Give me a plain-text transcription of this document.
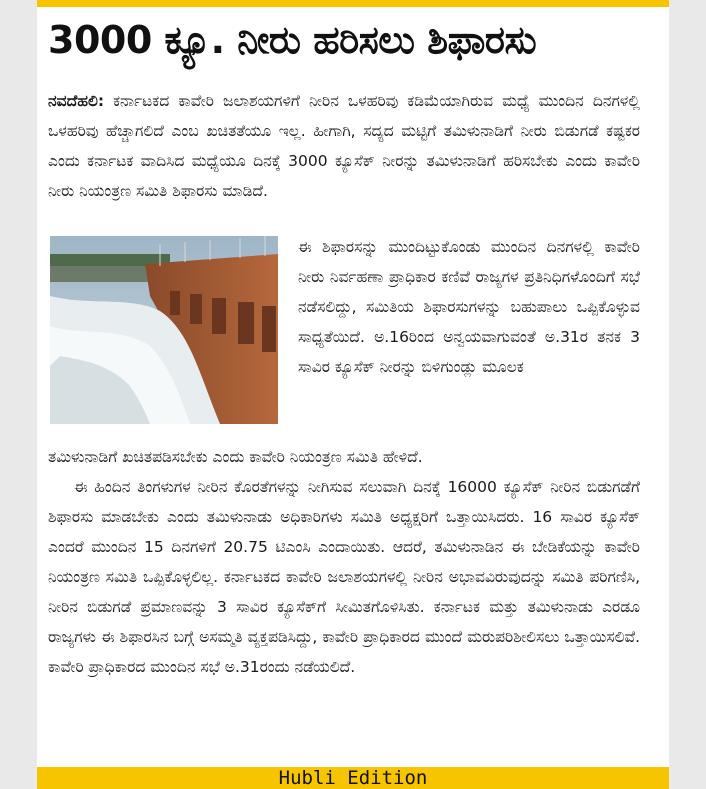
3000 ಕ್ಯೂ. ನೀರು ಹರಿಸಲು ಶಿಫಾರಸು
ನವದೆಹಲಿ: ಕರ್ನಾಟಕದ ಕಾವೇರಿ ಜಲಾಶಯಗಳಿಗೆ ನೀರಿನ ಒಳಹರಿವು ಕಡಿಮೆಯಾಗಿರುವ ಮಧ್ಯೆ ಮುಂದಿನ ದಿನಗಳಲ್ಲಿ ಒಳಹರಿವು ಹೆಚ್ಚಾಗಲಿದೆ ಎಂಬ ಖಚಿತತೆಯೂ ಇಲ್ಲ. ಹೀಗಾಗಿ, ಸದ್ಯದ ಮಟ್ಟಿಗೆ ತಮಿಳುನಾಡಿಗೆ ನೀರು ಬಿಡುಗಡೆ ಕಷ್ಟಕರ ಎಂದು ಕರ್ನಾಟಕ ವಾದಿಸಿದ ಮಧ್ಯೆಯೂ ದಿನಕ್ಕೆ 3000 ಕ್ಯೂಸೆಕ್ ನೀರನ್ನು ತಮಿಳುನಾಡಿಗೆ ಹರಿಸಬೇಕು ಎಂದು ಕಾವೇರಿ ನೀರು ನಿಯಂತ್ರಣ ಸಮಿತಿ ಶಿಫಾರಸು ಮಾಡಿದೆ.
ಈ ಶಿಫಾರಸನ್ನು ಮುಂದಿಟ್ಟುಕೊಂಡು ಮುಂದಿನ ದಿನಗಳಲ್ಲಿ ಕಾವೇರಿ ನೀರು ನಿರ್ವಹಣಾ ಪ್ರಾಧಿಕಾರ ಕಣಿವೆ ರಾಜ್ಯಗಳ ಪ್ರತಿನಿಧಿಗಳೊಂದಿಗೆ ಸಭೆ ನಡೆಸಲಿದ್ದು, ಸಮಿತಿಯ ಶಿಫಾರಸುಗಳನ್ನು ಬಹುಪಾಲು ಒಪ್ಪಿಕೊಳ್ಳುವ ಸಾಧ್ಯತೆಯಿದೆ. ಅ.16ರಿಂದ ಅನ್ವಯವಾಗುವಂತೆ ಅ.31ರ ತನಕ 3 ಸಾವಿರ ಕ್ಯೂಸೆಕ್ ನೀರನ್ನು ಬಿಳಿಗುಂಡ್ಲು ಮೂಲಕ
ತಮಿಳುನಾಡಿಗೆ ಖಚಿತಪಡಿಸಬೇಕು ಎಂದು ಕಾವೇರಿ ನಿಯಂತ್ರಣ ಸಮಿತಿ ಹೇಳಿದೆ.
ಈ ಹಿಂದಿನ ತಿಂಗಳುಗಳ ನೀರಿನ ಕೊರತೆಗಳನ್ನು ನೀಗಿಸುವ ಸಲುವಾಗಿ ದಿನಕ್ಕೆ 16000 ಕ್ಯೂಸೆಕ್ ನೀರಿನ ಬಿಡುಗಡೆಗೆ ಶಿಫಾರಸು ಮಾಡಬೇಕು ಎಂದು ತಮಿಳುನಾಡು ಅಧಿಕಾರಿಗಳು ಸಮಿತಿ ಅಧ್ಯಕ್ಷರಿಗೆ ಒತ್ತಾಯಿಸಿದರು. 16 ಸಾವಿರ ಕ್ಯೂಸೆಕ್ ಎಂದರೆ ಮುಂದಿನ 15 ದಿನಗಳಿಗೆ 20.75 ಟಿಎಂಸಿ ಎಂದಾಯಿತು. ಆದರೆ, ತಮಿಳುನಾಡಿನ ಈ ಬೇಡಿಕೆಯನ್ನು ಕಾವೇರಿ ನಿಯಂತ್ರಣ ಸಮಿತಿ ಒಪ್ಪಿಕೊಳ್ಳಲಿಲ್ಲ. ಕರ್ನಾಟಕದ ಕಾವೇರಿ ಜಲಾಶಯಗಳಲ್ಲಿ ನೀರಿನ ಅಭಾವವಿರುವುದನ್ನು ಸಮಿತಿ ಪರಿಗಣಿಸಿ, ನೀರಿನ ಬಿಡುಗಡೆ ಪ್ರಮಾಣವನ್ನು 3 ಸಾವಿರ ಕ್ಯೂಸೆಕ್‌ಗೆ ಸೀಮಿತಗೊಳಿಸಿತು. ಕರ್ನಾಟಕ ಮತ್ತು ತಮಿಳುನಾಡು ಎರಡೂ ರಾಜ್ಯಗಳು ಈ ಶಿಫಾರಸಿನ ಬಗ್ಗೆ ಅಸಮ್ಮತಿ ವ್ಯಕ್ತಪಡಿಸಿದ್ದು, ಕಾವೇರಿ ಪ್ರಾಧಿಕಾರದ ಮುಂದೆ ಮರುಪರಿಶೀಲಿಸಲು ಒತ್ತಾಯಿಸಲಿವೆ. ಕಾವೇರಿ ಪ್ರಾಧಿಕಾರದ ಮುಂದಿನ ಸಭೆ ಅ.31ರಂದು ನಡೆಯಲಿದೆ.
Hubli Edition
